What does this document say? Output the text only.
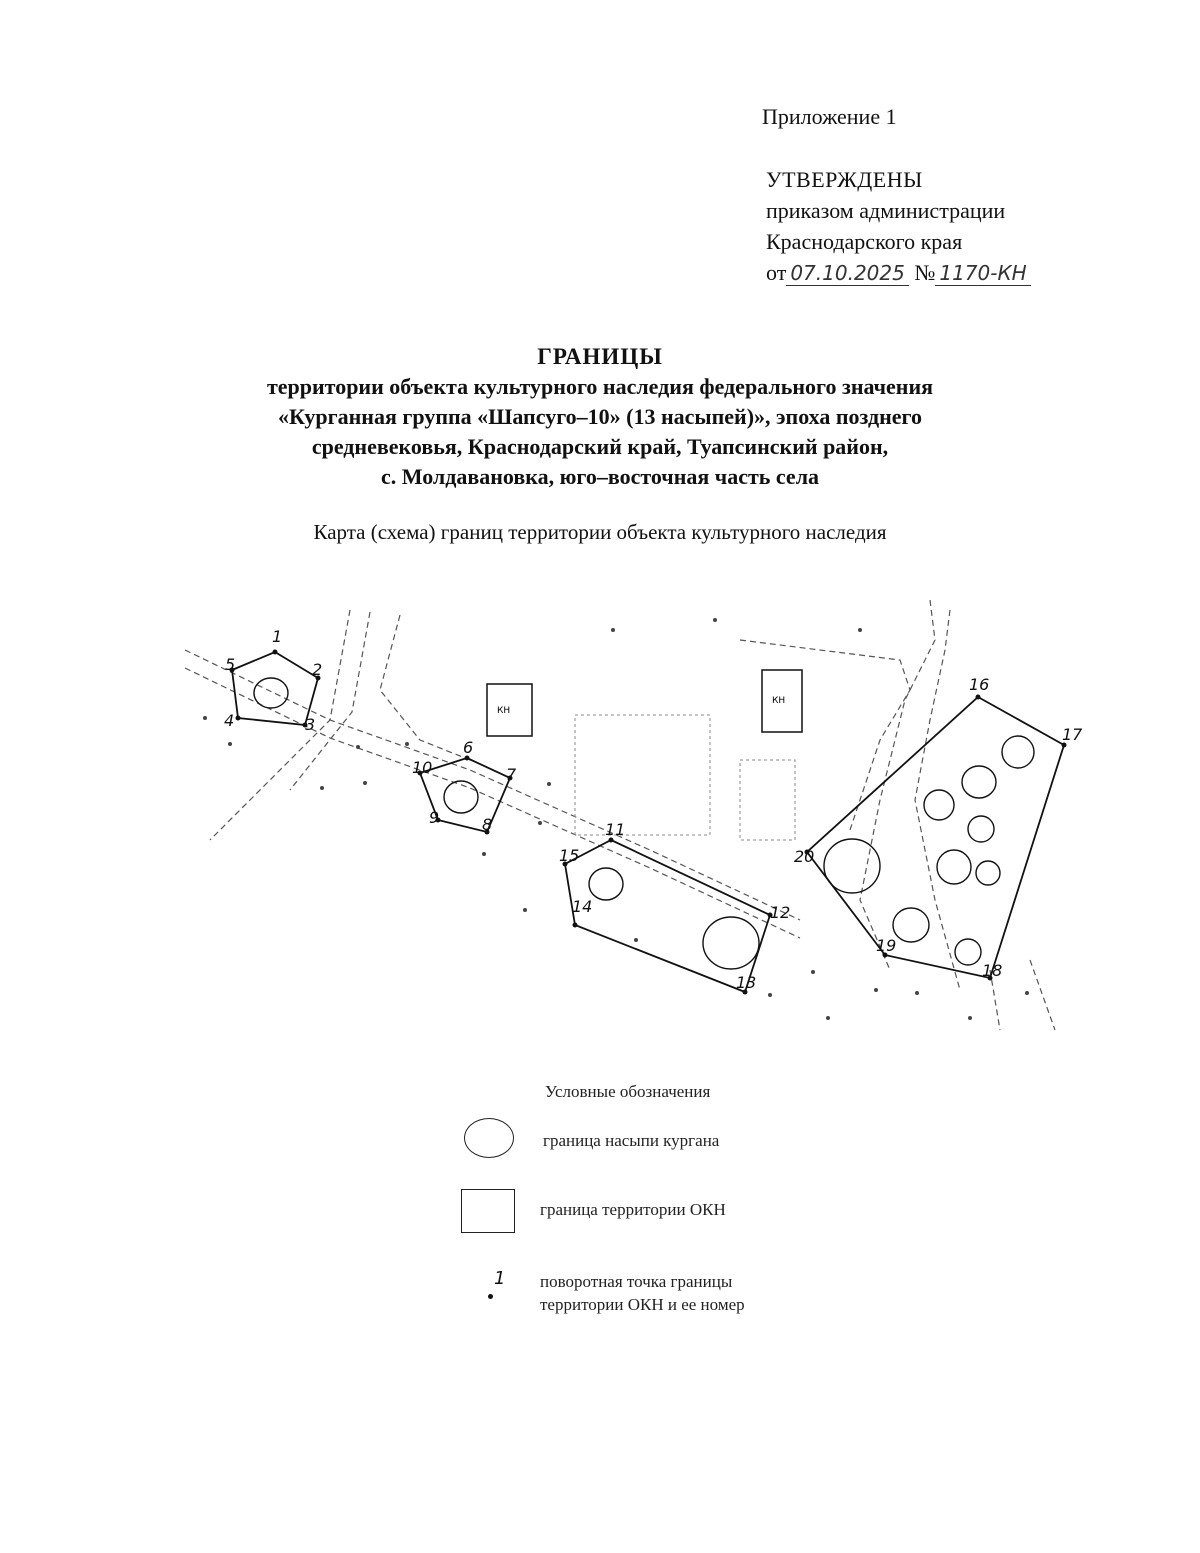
Приложение 1
УТВЕРЖДЕНЫ
приказом администрации
Краснодарского края
от 07.10.2025 № 1170-КН
ГРАНИЦЫ
территории объекта культурного наследия федерального значения
«Курганная группа «Шапсуго–10» (13 насыпей)», эпоха позднего
средневековья, Краснодарский край, Туапсинский район,
с. Молдавановка, юго–восточная часть села
Карта (схема) границ территории объекта культурного наследия
КН
КН
1
2
3
4
5
6
7
8
9
10
11
12
13
14
15
16
17
18
19
20
Условные обозначения
граница насыпи кургана
граница территории ОКН
1 поворотная точка границы
территории ОКН и ее номер
